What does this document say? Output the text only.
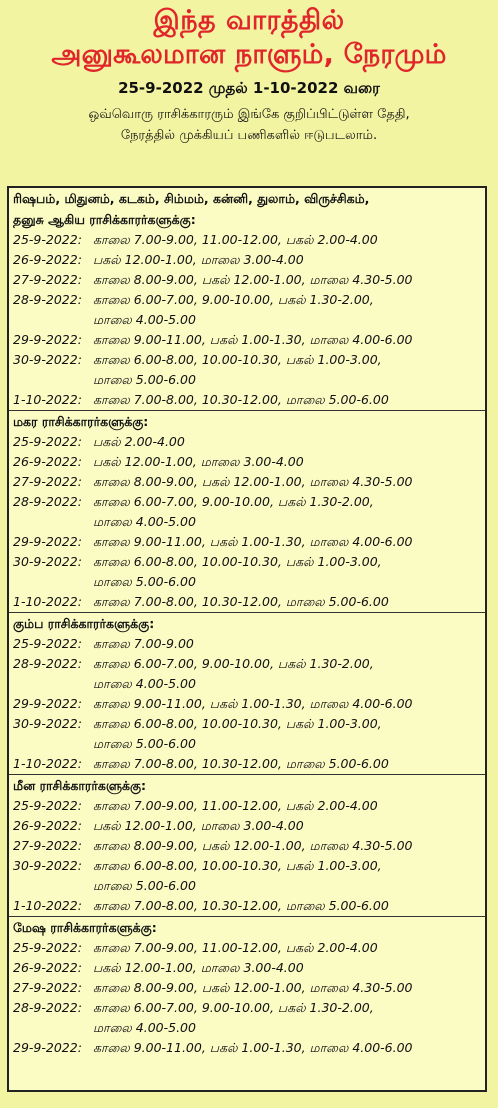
இந்த வாரத்தில்
அனுகூலமான நாளும், நேரமும்
25-9-2022 முதல் 1-10-2022 வரை
ஒவ்வொரு ராசிக்காரரும் இங்கே குறிப்பிட்டுள்ள தேதி,
நேரத்தில் முக்கியப் பணிகளில் ஈடுபடலாம்.
ரிஷபம், மிதுனம், கடகம், சிம்மம், கன்னி, துலாம், விருச்சிகம்,
தனுசு ஆகிய ராசிக்காரர்களுக்கு:
25-9-2022: காலை 7.00-9.00, 11.00-12.00, பகல் 2.00-4.00
26-9-2022: பகல் 12.00-1.00, மாலை 3.00-4.00
27-9-2022: காலை 8.00-9.00, பகல் 12.00-1.00, மாலை 4.30-5.00
28-9-2022: காலை 6.00-7.00, 9.00-10.00, பகல் 1.30-2.00,
மாலை 4.00-5.00
29-9-2022: காலை 9.00-11.00, பகல் 1.00-1.30, மாலை 4.00-6.00
30-9-2022: காலை 6.00-8.00, 10.00-10.30, பகல் 1.00-3.00,
மாலை 5.00-6.00
1-10-2022: காலை 7.00-8.00, 10.30-12.00, மாலை 5.00-6.00
மகர ராசிக்காரர்களுக்கு:
25-9-2022: பகல் 2.00-4.00
26-9-2022: பகல் 12.00-1.00, மாலை 3.00-4.00
27-9-2022: காலை 8.00-9.00, பகல் 12.00-1.00, மாலை 4.30-5.00
28-9-2022: காலை 6.00-7.00, 9.00-10.00, பகல் 1.30-2.00,
மாலை 4.00-5.00
29-9-2022: காலை 9.00-11.00, பகல் 1.00-1.30, மாலை 4.00-6.00
30-9-2022: காலை 6.00-8.00, 10.00-10.30, பகல் 1.00-3.00,
மாலை 5.00-6.00
1-10-2022: காலை 7.00-8.00, 10.30-12.00, மாலை 5.00-6.00
கும்ப ராசிக்காரர்களுக்கு:
25-9-2022: காலை 7.00-9.00
28-9-2022: காலை 6.00-7.00, 9.00-10.00, பகல் 1.30-2.00,
மாலை 4.00-5.00
29-9-2022: காலை 9.00-11.00, பகல் 1.00-1.30, மாலை 4.00-6.00
30-9-2022: காலை 6.00-8.00, 10.00-10.30, பகல் 1.00-3.00,
மாலை 5.00-6.00
1-10-2022: காலை 7.00-8.00, 10.30-12.00, மாலை 5.00-6.00
மீன ராசிக்காரர்களுக்கு:
25-9-2022: காலை 7.00-9.00, 11.00-12.00, பகல் 2.00-4.00
26-9-2022: பகல் 12.00-1.00, மாலை 3.00-4.00
27-9-2022: காலை 8.00-9.00, பகல் 12.00-1.00, மாலை 4.30-5.00
30-9-2022: காலை 6.00-8.00, 10.00-10.30, பகல் 1.00-3.00,
மாலை 5.00-6.00
1-10-2022: காலை 7.00-8.00, 10.30-12.00, மாலை 5.00-6.00
மேஷ ராசிக்காரர்களுக்கு:
25-9-2022: காலை 7.00-9.00, 11.00-12.00, பகல் 2.00-4.00
26-9-2022: பகல் 12.00-1.00, மாலை 3.00-4.00
27-9-2022: காலை 8.00-9.00, பகல் 12.00-1.00, மாலை 4.30-5.00
28-9-2022: காலை 6.00-7.00, 9.00-10.00, பகல் 1.30-2.00,
மாலை 4.00-5.00
29-9-2022: காலை 9.00-11.00, பகல் 1.00-1.30, மாலை 4.00-6.00
